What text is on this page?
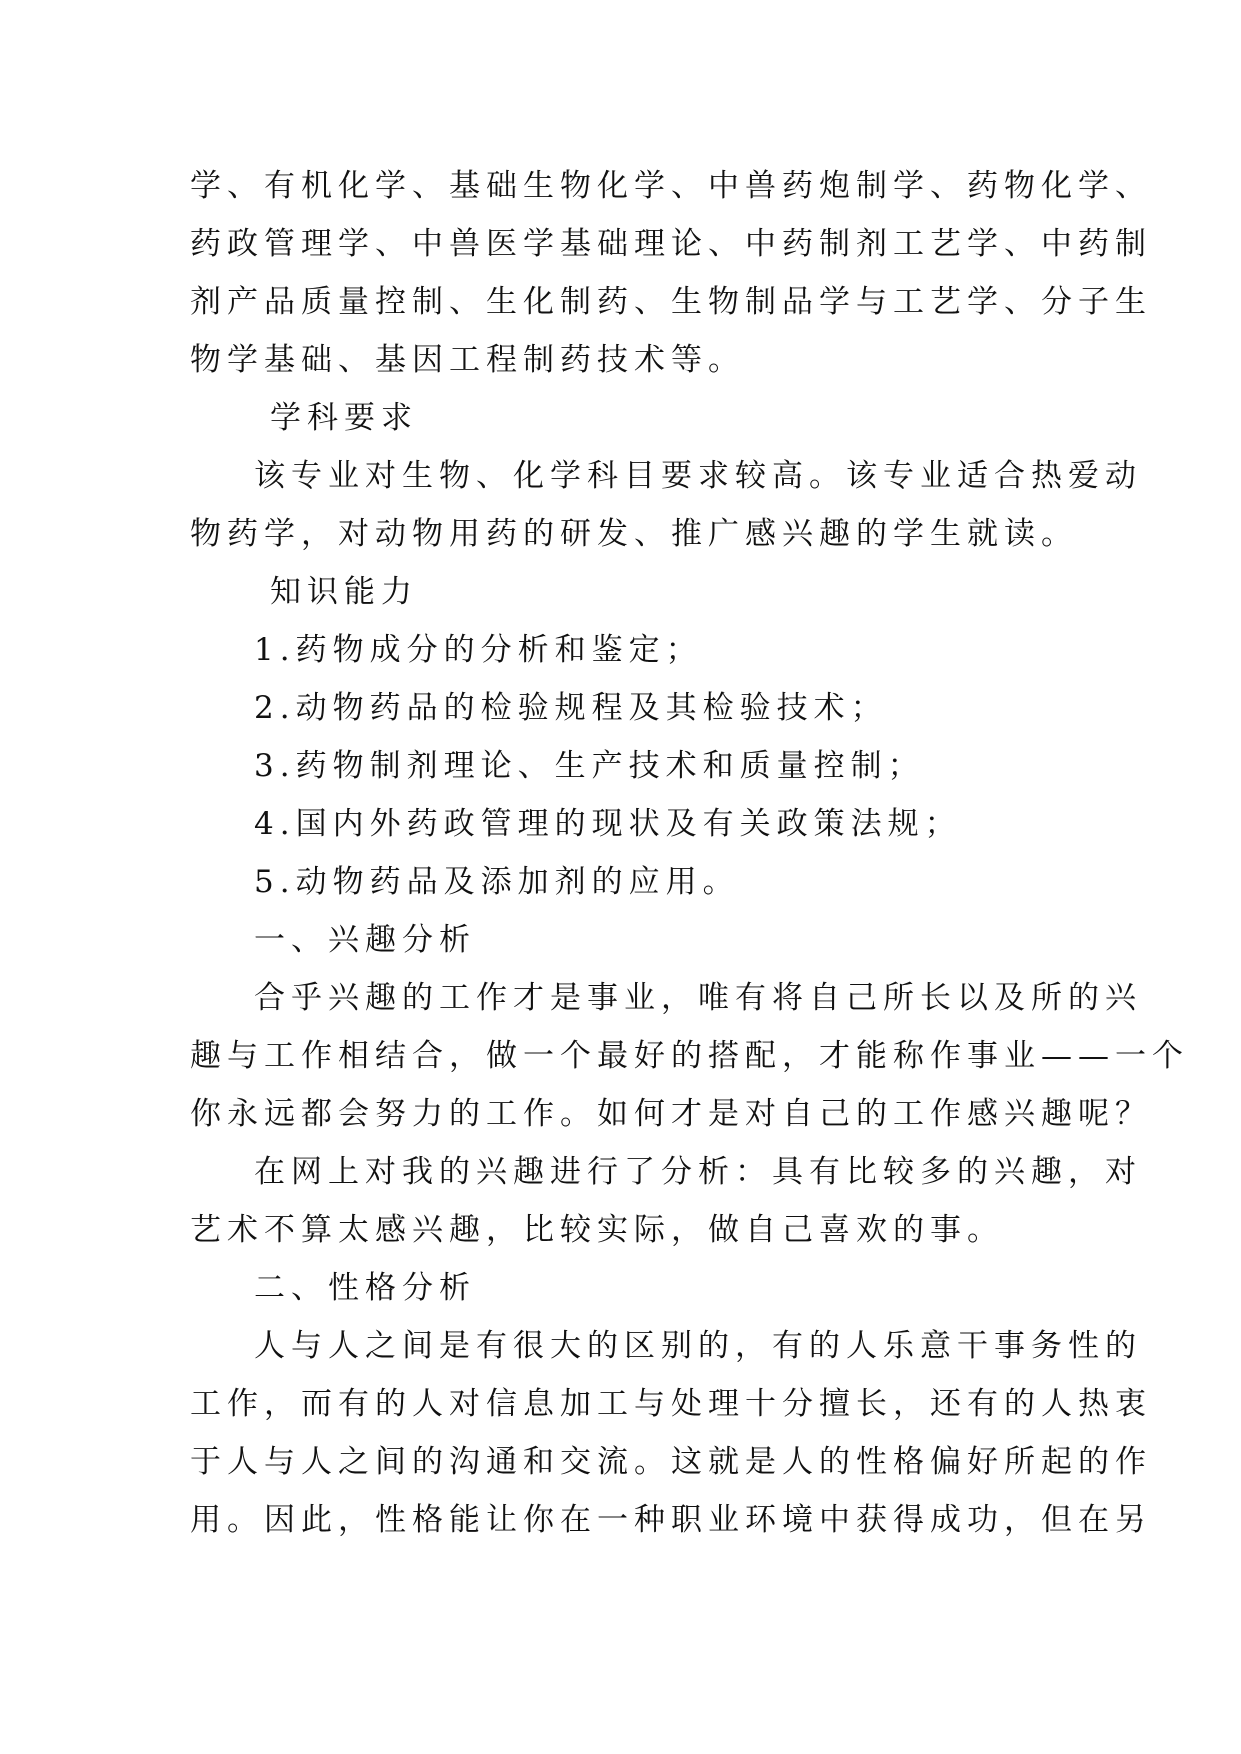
学、有机化学、基础生物化学、中兽药炮制学、药物化学、
药政管理学、中兽医学基础理论、中药制剂工艺学、中药制
剂产品质量控制、生化制药、生物制品学与工艺学、分子生
物学基础、基因工程制药技术等。
学科要求
该专业对生物、化学科目要求较高。该专业适合热爱动
物药学，对动物用药的研发、推广感兴趣的学生就读。
知识能力
1.药物成分的分析和鉴定；
2.动物药品的检验规程及其检验技术；
3.药物制剂理论、生产技术和质量控制；
4.国内外药政管理的现状及有关政策法规；
5.动物药品及添加剂的应用。
一、兴趣分析
合乎兴趣的工作才是事业，唯有将自己所长以及所的兴
趣与工作相结合，做一个最好的搭配，才能称作事业——一个
你永远都会努力的工作。如何才是对自己的工作感兴趣呢？
在网上对我的兴趣进行了分析：具有比较多的兴趣，对
艺术不算太感兴趣，比较实际，做自己喜欢的事。
二、性格分析
人与人之间是有很大的区别的，有的人乐意干事务性的
工作，而有的人对信息加工与处理十分擅长，还有的人热衷
于人与人之间的沟通和交流。这就是人的性格偏好所起的作
用。因此，性格能让你在一种职业环境中获得成功，但在另
